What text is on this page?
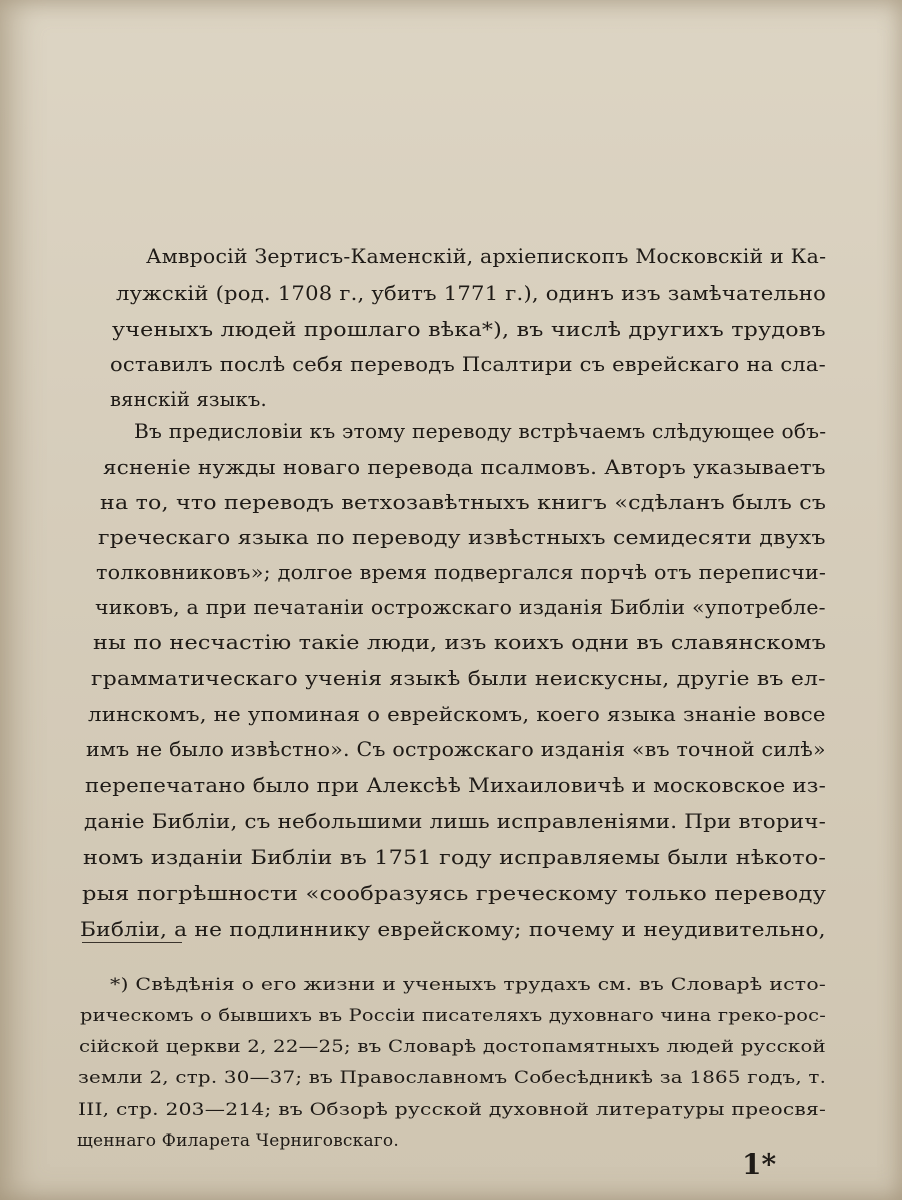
Амвросій Зертисъ-Каменскій, архіепископъ Московскій и Ка-
лужскій (род. 1708 г., убитъ 1771 г.), одинъ изъ замѣчательно
ученыхъ людей прошлаго вѣка*), въ числѣ другихъ трудовъ
оставилъ послѣ себя переводъ Псалтири съ еврейскаго на сла-
вянскій языкъ.
Въ предисловіи къ этому переводу встрѣчаемъ слѣдующее объ-
ясненіе нужды новаго перевода псалмовъ. Авторъ указываетъ
на то, что переводъ ветхозавѣтныхъ книгъ «сдѣланъ былъ съ
греческаго языка по переводу извѣстныхъ семидесяти двухъ
толковниковъ»; долгое время подвергался порчѣ отъ переписчи-
чиковъ, а при печатаніи острожскаго изданія Библіи «употребле-
ны по несчастію такіе люди, изъ коихъ одни въ славянскомъ
грамматическаго ученія языкѣ были неискусны, другіе въ ел-
линскомъ, не упоминая о еврейскомъ, коего языка знаніе вовсе
имъ не было извѣстно». Съ острожскаго изданія «въ точной силѣ»
перепечатано было при Алексѣѣ Михаиловичѣ и московское из-
даніе Библіи, съ небольшими лишь исправленіями. При вторич-
номъ изданіи Библіи въ 1751 году исправляемы были нѣкото-
рыя погрѣшности «сообразуясь греческому только переводу
Библіи, а не подлиннику еврейскому; почему и неудивительно,
*) Свѣдѣнія о его жизни и ученыхъ трудахъ см. въ Словарѣ исто-
рическомъ о бывшихъ въ Россіи писателяхъ духовнаго чина греко-рос-
сійской церкви 2, 22—25; въ Словарѣ достопамятныхъ людей русской
земли 2, стр. 30—37; въ Православномъ Собесѣдникѣ за 1865 годъ, т.
III, стр. 203—214; въ Обзорѣ русской духовной литературы преосвя-
щеннаго Филарета Черниговскаго.
1*
